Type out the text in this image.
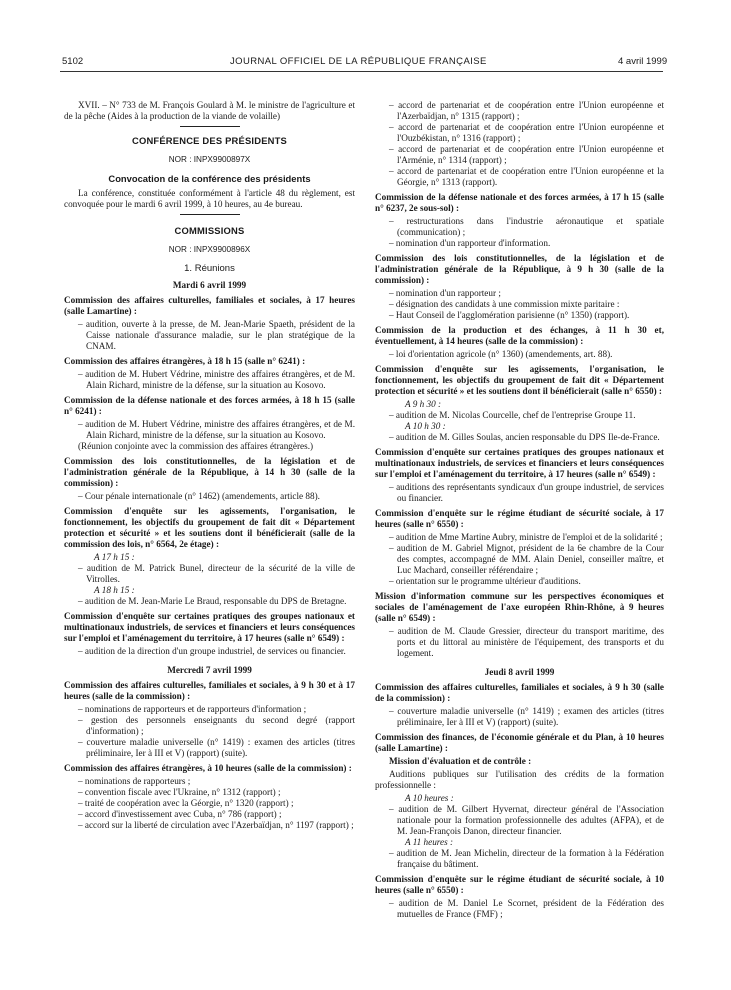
5102	JOURNAL OFFICIEL DE LA RÉPUBLIQUE FRANÇAISE	4 avril 1999

XVII. – N° 733 de M. François Goulard à M. le ministre de l'agriculture et de la pêche (Aides à la production de la viande de volaille)

CONFÉRENCE DES PRÉSIDENTS

NOR : INPX9900897X

Convocation de la conférence des présidents

La conférence, constituée conformément à l'article 48 du règlement, est convoquée pour le mardi 6 avril 1999, à 10 heures, au 4e bureau.

COMMISSIONS

NOR : INPX9900896X

1. Réunions

Mardi 6 avril 1999

Commission des affaires culturelles, familiales et sociales, à 17 heures (salle Lamartine) :

– audition, ouverte à la presse, de M. Jean-Marie Spaeth, président de la Caisse nationale d'assurance maladie, sur le plan stratégique de la CNAM.

Commission des affaires étrangères, à 18 h 15 (salle n° 6241) :

– audition de M. Hubert Védrine, ministre des affaires étrangères, et de M. Alain Richard, ministre de la défense, sur la situation au Kosovo.

Commission de la défense nationale et des forces armées, à 18 h 15 (salle n° 6241) :

– audition de M. Hubert Védrine, ministre des affaires étrangères, et de M. Alain Richard, ministre de la défense, sur la situation au Kosovo.

(Réunion conjointe avec la commission des affaires étrangères.)

Commission des lois constitutionnelles, de la législation et de l'administration générale de la République, à 14 h 30 (salle de la commission) :

– Cour pénale internationale (n° 1462) (amendements, article 88).

Commission d'enquête sur les agissements, l'organisation, le fonctionnement, les objectifs du groupement de fait dit « Département protection et sécurité » et les soutiens dont il bénéficierait (salle de la commission des lois, n° 6564, 2e étage) :

A 17 h 15 :

– audition de M. Patrick Bunel, directeur de la sécurité de la ville de Vitrolles.

A 18 h 15 :

– audition de M. Jean-Marie Le Braud, responsable du DPS de Bretagne.

Commission d'enquête sur certaines pratiques des groupes nationaux et multinationaux industriels, de services et financiers et leurs conséquences sur l'emploi et l'aménagement du territoire, à 17 heures (salle n° 6549) :

– audition de la direction d'un groupe industriel, de services ou financier.

Mercredi 7 avril 1999

Commission des affaires culturelles, familiales et sociales, à 9 h 30 et à 17 heures (salle de la commission) :

– nominations de rapporteurs et de rapporteurs d'information ;

– gestion des personnels enseignants du second degré (rapport d'information) ;

– couverture maladie universelle (n° 1419) : examen des articles (titres préliminaire, Ier à III et V) (rapport) (suite).

Commission des affaires étrangères, à 10 heures (salle de la commission) :

– nominations de rapporteurs ;

– convention fiscale avec l'Ukraine, n° 1312 (rapport) ;

– traité de coopération avec la Géorgie, n° 1320 (rapport) ;

– accord d'investissement avec Cuba, n° 786 (rapport) ;

– accord sur la liberté de circulation avec l'Azerbaïdjan, n° 1197 (rapport) ;

– accord de partenariat et de coopération entre l'Union européenne et l'Azerbaïdjan, n° 1315 (rapport) ;

– accord de partenariat et de coopération entre l'Union européenne et l'Ouzbékistan, n° 1316 (rapport) ;

– accord de partenariat et de coopération entre l'Union européenne et l'Arménie, n° 1314 (rapport) ;

– accord de partenariat et de coopération entre l'Union européenne et la Géorgie, n° 1313 (rapport).

Commission de la défense nationale et des forces armées, à 17 h 15 (salle n° 6237, 2e sous-sol) :

– restructurations dans l'industrie aéronautique et spatiale (communication) ;

– nomination d'un rapporteur d'information.

Commission des lois constitutionnelles, de la législation et de l'administration générale de la République, à 9 h 30 (salle de la commission) :

– nomination d'un rapporteur ;

– désignation des candidats à une commission mixte paritaire :

– Haut Conseil de l'agglomération parisienne (n° 1350) (rapport).

Commission de la production et des échanges, à 11 h 30 et, éventuellement, à 14 heures (salle de la commission) :

– loi d'orientation agricole (n° 1360) (amendements, art. 88).

Commission d'enquête sur les agissements, l'organisation, le fonctionnement, les objectifs du groupement de fait dit « Département protection et sécurité » et les soutiens dont il bénéficierait (salle n° 6550) :

A 9 h 30 :

– audition de M. Nicolas Courcelle, chef de l'entreprise Groupe 11.

A 10 h 30 :

– audition de M. Gilles Soulas, ancien responsable du DPS Ile-de-France.

Commission d'enquête sur certaines pratiques des groupes nationaux et multinationaux industriels, de services et financiers et leurs conséquences sur l'emploi et l'aménagement du territoire, à 17 heures (salle n° 6549) :

– auditions des représentants syndicaux d'un groupe industriel, de services ou financier.

Commission d'enquête sur le régime étudiant de sécurité sociale, à 17 heures (salle n° 6550) :

– audition de Mme Martine Aubry, ministre de l'emploi et de la solidarité ;

– audition de M. Gabriel Mignot, président de la 6e chambre de la Cour des comptes, accompagné de MM. Alain Deniel, conseiller maître, et Luc Machard, conseiller référendaire ;

– orientation sur le programme ultérieur d'auditions.

Mission d'information commune sur les perspectives économiques et sociales de l'aménagement de l'axe européen Rhin-Rhône, à 9 heures (salle n° 6549) :

– audition de M. Claude Gressier, directeur du transport maritime, des ports et du littoral au ministère de l'équipement, des transports et du logement.

Jeudi 8 avril 1999

Commission des affaires culturelles, familiales et sociales, à 9 h 30 (salle de la commission) :

– couverture maladie universelle (n° 1419) ; examen des articles (titres préliminaire, Ier à III et V) (rapport) (suite).

Commission des finances, de l'économie générale et du Plan, à 10 heures (salle Lamartine) :

Mission d'évaluation et de contrôle :

Auditions publiques sur l'utilisation des crédits de la formation professionnelle :

A 10 heures :

– audition de M. Gilbert Hyvernat, directeur général de l'Association nationale pour la formation professionnelle des adultes (AFPA), et de M. Jean-François Danon, directeur financier.

A 11 heures :

– audition de M. Jean Michelin, directeur de la formation à la Fédération française du bâtiment.

Commission d'enquête sur le régime étudiant de sécurité sociale, à 10 heures (salle n° 6550) :

– audition de M. Daniel Le Scornet, président de la Fédération des mutuelles de France (FMF) ;
